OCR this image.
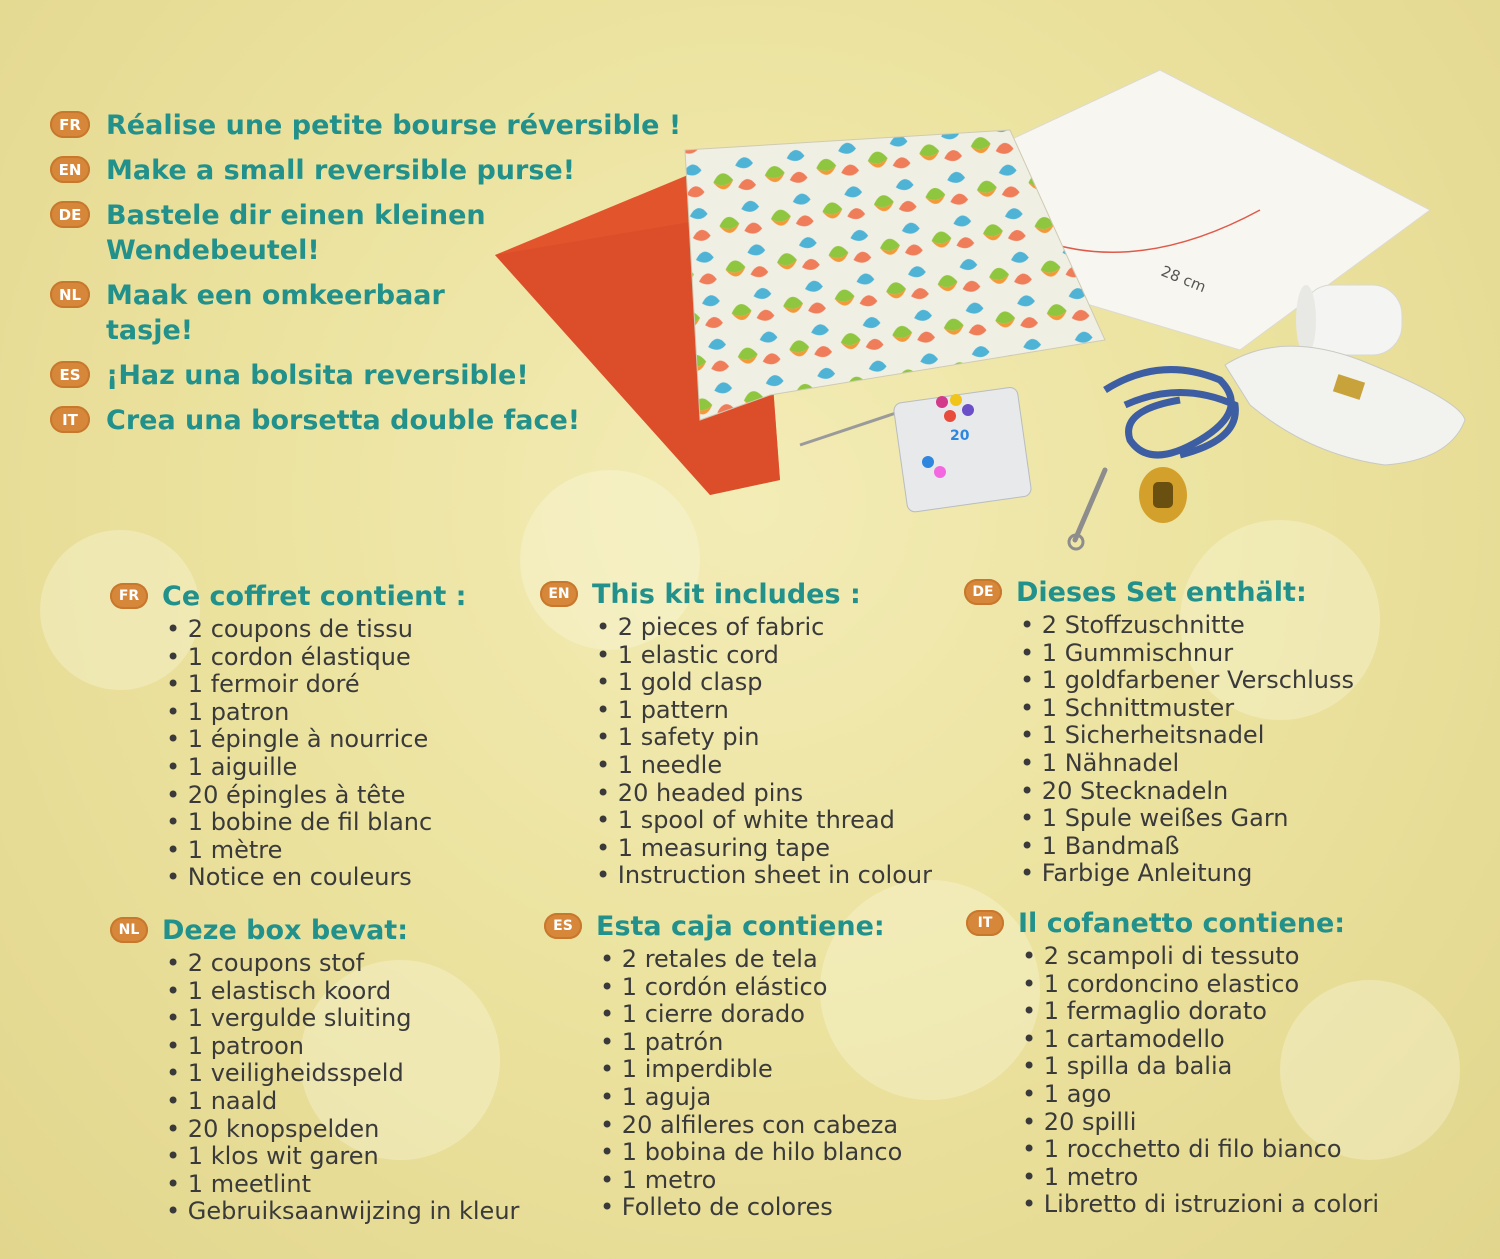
FR Réalise une petite bourse réversible !
EN Make a small reversible purse!
DE Bastele dir einen kleinen Wendebeutel!
NL Maak een omkeerbaar tasje!
ES ¡Haz una bolsita reversible!
IT	Crea una borsetta double face!
28 cm
20
FR Ce coffret contient :
• 2 coupons de tissu
• 1 cordon élastique
• 1 fermoir doré
• 1 patron
• 1 épingle à nourrice
• 1 aiguille
• 20 épingles à tête
• 1 bobine de fil blanc
• 1 mètre
• Notice en couleurs
EN This kit includes :
• 2 pieces of fabric
• 1 elastic cord
• 1 gold clasp
• 1 pattern
• 1 safety pin
• 1 needle
• 20 headed pins
• 1 spool of white thread
• 1 measuring tape
• Instruction sheet in colour
DE Dieses Set enthält:
• 2 Stoffzuschnitte
• 1 Gummischnur
• 1 goldfarbener Verschluss
• 1 Schnittmuster
• 1 Sicherheitsnadel
• 1 Nähnadel
• 20 Stecknadeln
• 1 Spule weißes Garn
• 1 Bandmaß
• Farbige Anleitung
NL Deze box bevat:
• 2 coupons stof
• 1 elastisch koord
• 1 vergulde sluiting
• 1 patroon
• 1 veiligheidsspeld
• 1 naald
• 20 knopspelden
• 1 klos wit garen
• 1 meetlint
• Gebruiksaanwijzing in kleur
ES Esta caja contiene:
• 2 retales de tela
• 1 cordón elástico
• 1 cierre dorado
• 1 patrón
• 1 imperdible
• 1 aguja
• 20 alfileres con cabeza
• 1 bobina de hilo blanco
• 1 metro
• Folleto de colores
IT Il cofanetto contiene:
• 2 scampoli di tessuto
• 1 cordoncino elastico
• 1 fermaglio dorato
• 1 cartamodello
• 1 spilla da balia
• 1 ago
• 20 spilli
• 1 rocchetto di filo bianco
• 1 metro
• Libretto di istruzioni a colori
